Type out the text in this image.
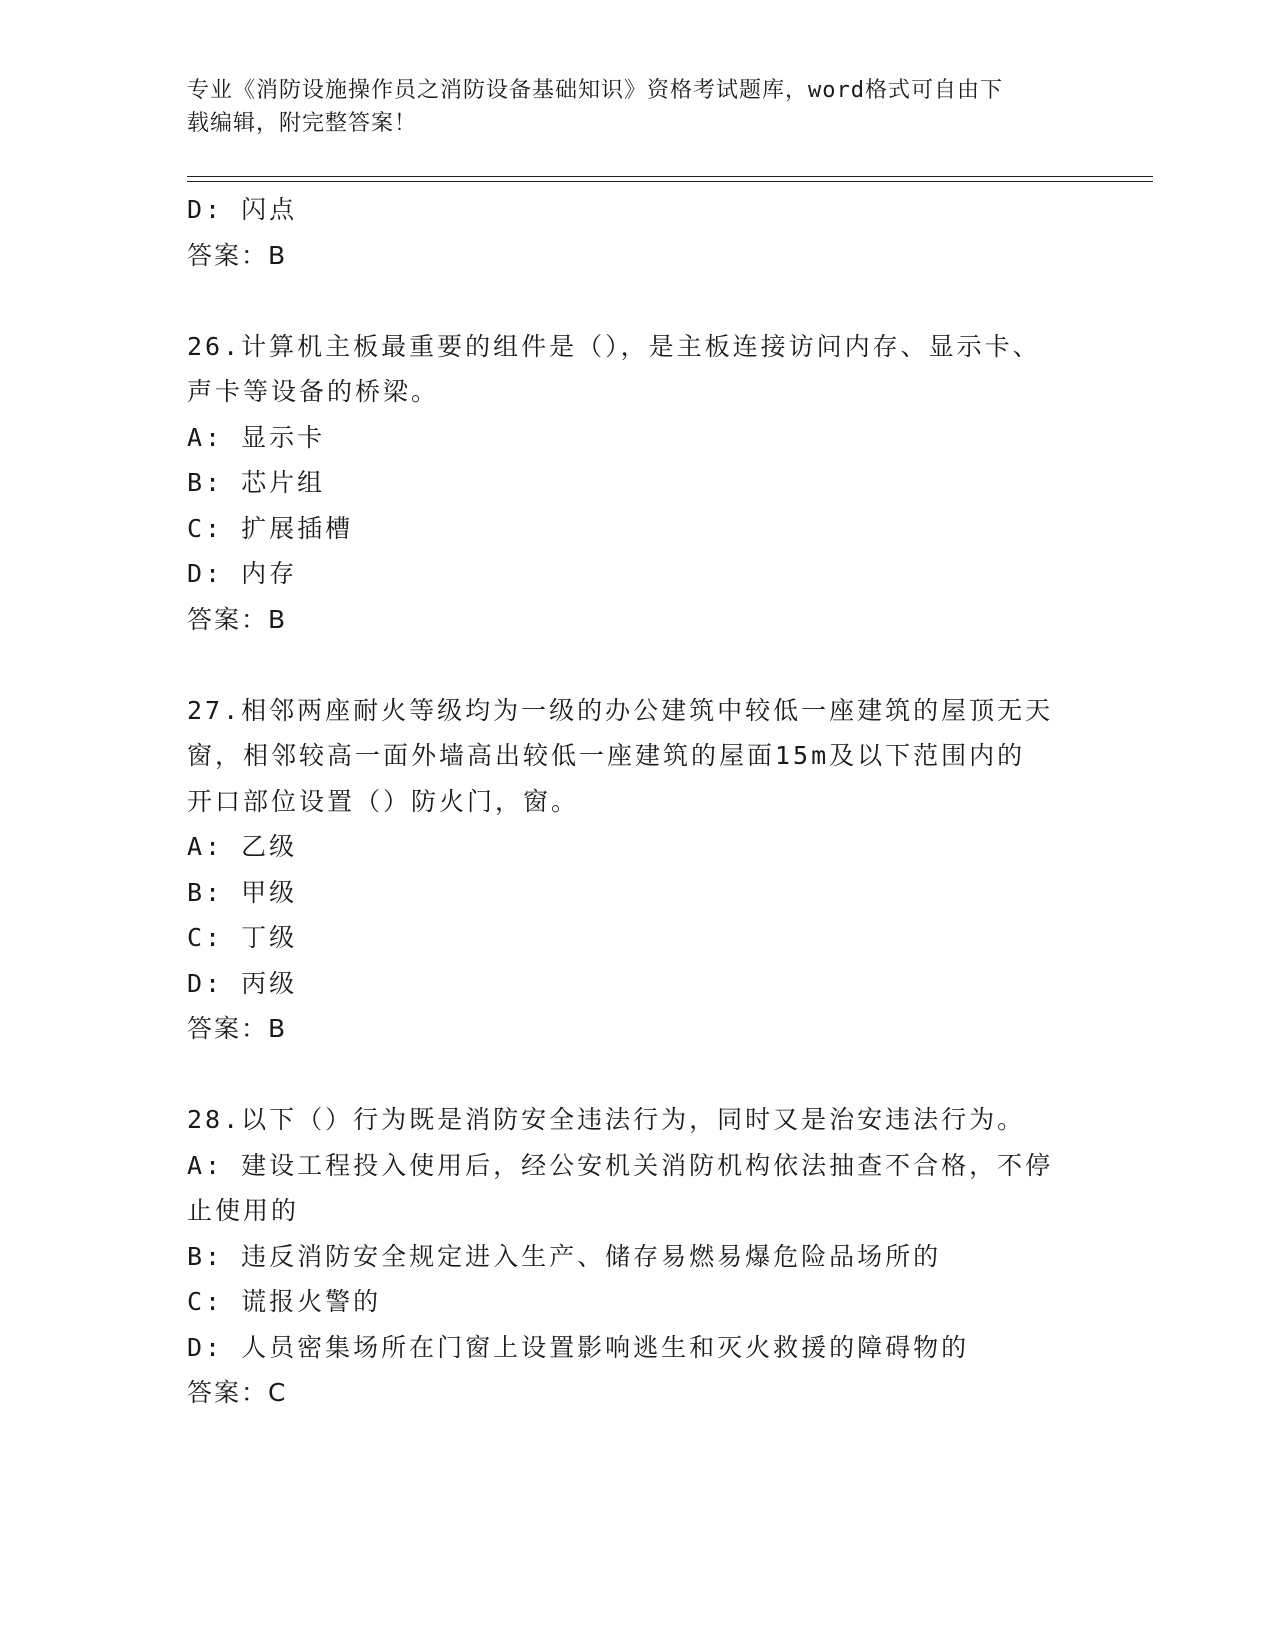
专业《消防设施操作员之消防设备基础知识》资格考试题库，word格式可自由下
载编辑，附完整答案！
D: 闪点
答案：B
26.计算机主板最重要的组件是（），是主板连接访问内存、显示卡、
声卡等设备的桥梁。
A: 显示卡
B: 芯片组
C: 扩展插槽
D: 内存
答案：B
27.相邻两座耐火等级均为一级的办公建筑中较低一座建筑的屋顶无天
窗，相邻较高一面外墙高出较低一座建筑的屋面15m及以下范围内的
开口部位设置（）防火门，窗。
A: 乙级
B: 甲级
C: 丁级
D: 丙级
答案：B
28.以下（）行为既是消防安全违法行为，同时又是治安违法行为。
A: 建设工程投入使用后，经公安机关消防机构依法抽查不合格，不停
止使用的
B: 违反消防安全规定进入生产、储存易燃易爆危险品场所的
C: 谎报火警的
D: 人员密集场所在门窗上设置影响逃生和灭火救援的障碍物的
答案：C
